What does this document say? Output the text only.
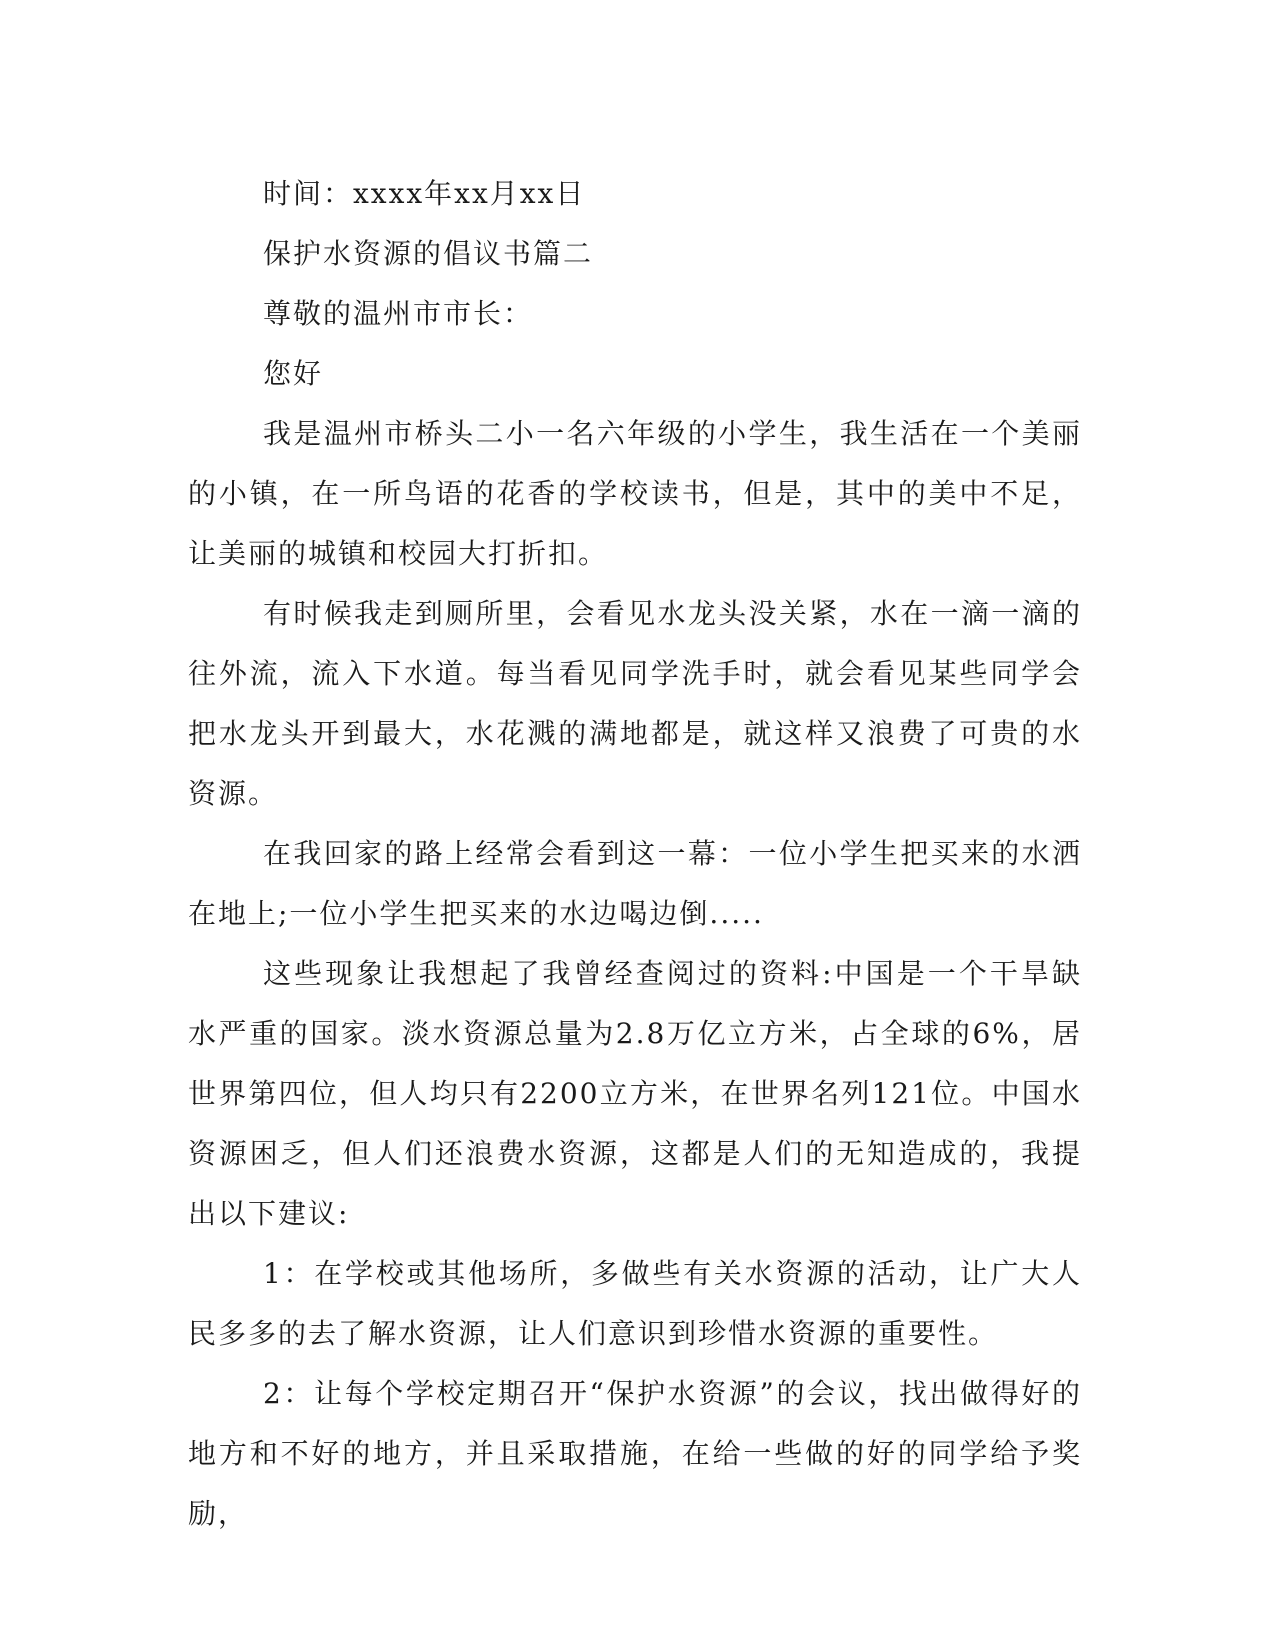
时间：xxxx年xx月xx日

保护水资源的倡议书篇二

尊敬的温州市市长：

您好

我是温州市桥头二小一名六年级的小学生，我生活在一个美丽的小镇，在一所鸟语的花香的学校读书，但是，其中的美中不足，让美丽的城镇和校园大打折扣。

有时候我走到厕所里，会看见水龙头没关紧，水在一滴一滴的往外流，流入下水道。每当看见同学洗手时，就会看见某些同学会把水龙头开到最大，水花溅的满地都是，就这样又浪费了可贵的水资源。

在我回家的路上经常会看到这一幕：一位小学生把买来的水洒在地上;一位小学生把买来的水边喝边倒.....

这些现象让我想起了我曾经查阅过的资料:中国是一个干旱缺水严重的国家。淡水资源总量为2.8万亿立方米，占全球的6%，居世界第四位，但人均只有2200立方米，在世界名列121位。中国水资源困乏，但人们还浪费水资源，这都是人们的无知造成的，我提出以下建议:

1：在学校或其他场所，多做些有关水资源的活动，让广大人民多多的去了解水资源，让人们意识到珍惜水资源的重要性。

2：让每个学校定期召开“保护水资源”的会议，找出做得好的地方和不好的地方，并且采取措施，在给一些做的好的同学给予奖励，
